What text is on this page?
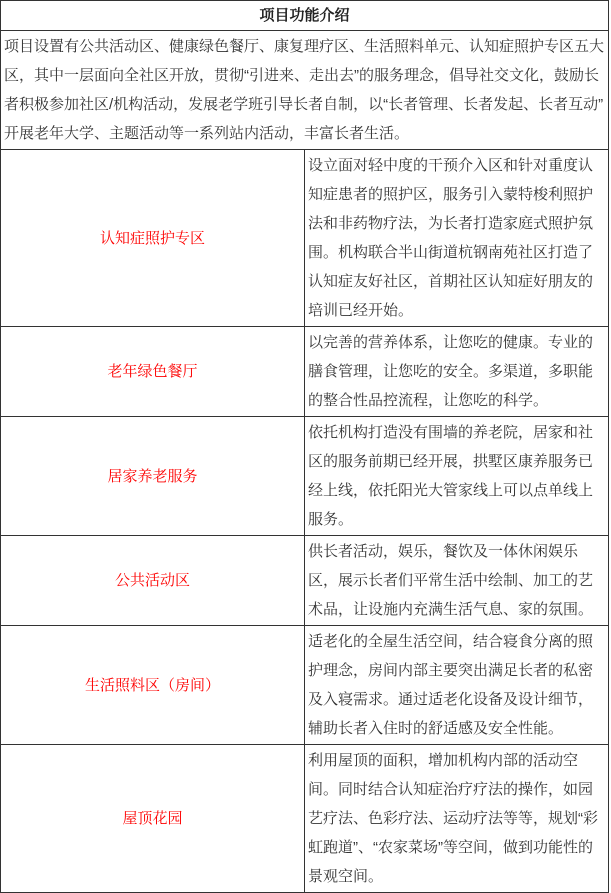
项目功能介绍	
项目设置有公共活动区、健康绿色餐厅、康复理疗区、生活照料单元、认知症照护专区五大区，其中一层面向全社区开放，贯彻“引进来、走出去”的服务理念，倡导社交文化，鼓励长者积极参加社区/机构活动，发展老学班引导长者自制，以“长者管理、长者发起、长者互动”开展老年大学、主题活动等一系列站内活动，丰富长者生活。	
认知症照护专区	设立面对轻中度的干预介入区和针对重度认知症患者的照护区，服务引入蒙特梭利照护法和非药物疗法，为长者打造家庭式照护氛围。机构联合半山街道杭钢南苑社区打造了认知症友好社区，首期社区认知症好朋友的培训已经开始。
老年绿色餐厅	以完善的营养体系，让您吃的健康。专业的膳食管理，让您吃的安全。多渠道，多职能的整合性品控流程，让您吃的科学。
居家养老服务	依托机构打造没有围墙的养老院，居家和社区的服务前期已经开展，拱墅区康养服务已经上线，依托阳光大管家线上可以点单线上服务。
公共活动区	供长者活动，娱乐，餐饮及一体休闲娱乐区，展示长者们平常生活中绘制、加工的艺术品，让设施内充满生活气息、家的氛围。
生活照料区（房间）	适老化的全屋生活空间，结合寝食分离的照护理念，房间内部主要突出满足长者的私密及入寝需求。通过适老化设备及设计细节，辅助长者入住时的舒适感及安全性能。
屋顶花园	利用屋顶的面积，增加机构内部的活动空间。同时结合认知症治疗疗法的操作，如园艺疗法、色彩疗法、运动疗法等等，规划“彩虹跑道”、“农家菜场”等空间，做到功能性的景观空间。
